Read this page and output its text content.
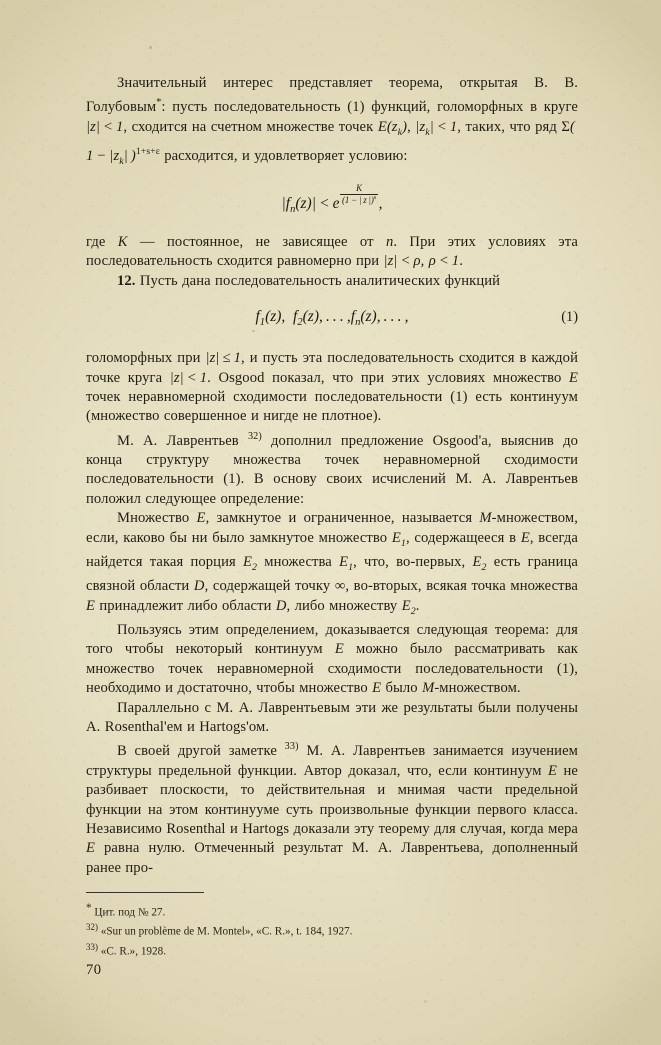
Значительный интерес представляет теорема, открытая В. В. Голубовым*: пусть последовательность (1) функций, голоморфных в круге |z| < 1, сходится на счетном множестве точек $E(z_k)$, $|z_k| < 1$, таких, что ряд Σ( $1 - |z_k|$ )$^{1+s+\varepsilon}$ расходится, и удовлетворяет условию:

$|f_n(z)| < e$ $^{\frac{K}{(1 - | z |)^s}}$ ,

где K — постоянное, не зависящее от n. При этих условиях эта последовательность сходится равномерно при |z| < ρ, ρ < 1.

12. Пусть дана последовательность аналитических функций

$f_1(z)$,  $f_2(z)$, . . . $,f_n(z)$, . . . ,	(1)

голоморфных при |z| ≤ 1, и пусть эта последовательность сходится в каждой точке круга |z| < 1. Osgood показал, что при этих условиях множество E точек неравномерной сходимости последовательности (1) есть континуум (множество совершенное и нигде не плотное).

М. А. Лаврентьев $^{32)}$ дополнил предложение Osgood'a, выяснив до конца структуру множества точек неравномерной сходимости последовательности (1). В основу своих исчислений М. А. Лаврентьев положил следующее определение:

Множество E, замкнутое и ограниченное, называется M-множеством, если, каково бы ни было замкнутое множество $E_1$, содержащееся в E, всегда найдется такая порция $E_2$ множества $E_1$, что, во-первых, $E_2$ есть граница связной области D, содержащей точку ∞, во-вторых, всякая точка множества E принадлежит либо области D, либо множеству $E_2$.

Пользуясь этим определением, доказывается следующая теорема: для того чтобы некоторый континуум E можно было рассматривать как множество точек неравномерной сходимости последовательности (1), необходимо и достаточно, чтобы множество E было M-множеством.

Параллельно с М. А. Лаврентьевым эти же результаты были получены A. Rosenthal'ем и Hartogs'ом.

В своей другой заметке $^{33)}$ М. А. Лаврентьев занимается изучением структуры предельной функции. Автор доказал, что, если континуум E не разбивает плоскости, то действительная и мнимая части предельной функции на этом континууме суть произвольные функции первого класса. Независимо Rosenthal и Hartogs доказали эту теорему для случая, когда мера E равна нулю. Отмеченный результат М. А. Лаврентьева, дополненный ранее про-

* Цит. под № 27.

$^{32)}$ «Sur un problème de M. Montel», «C. R.», t. 184, 1927.

$^{33)}$ «C. R.», 1928.

70
